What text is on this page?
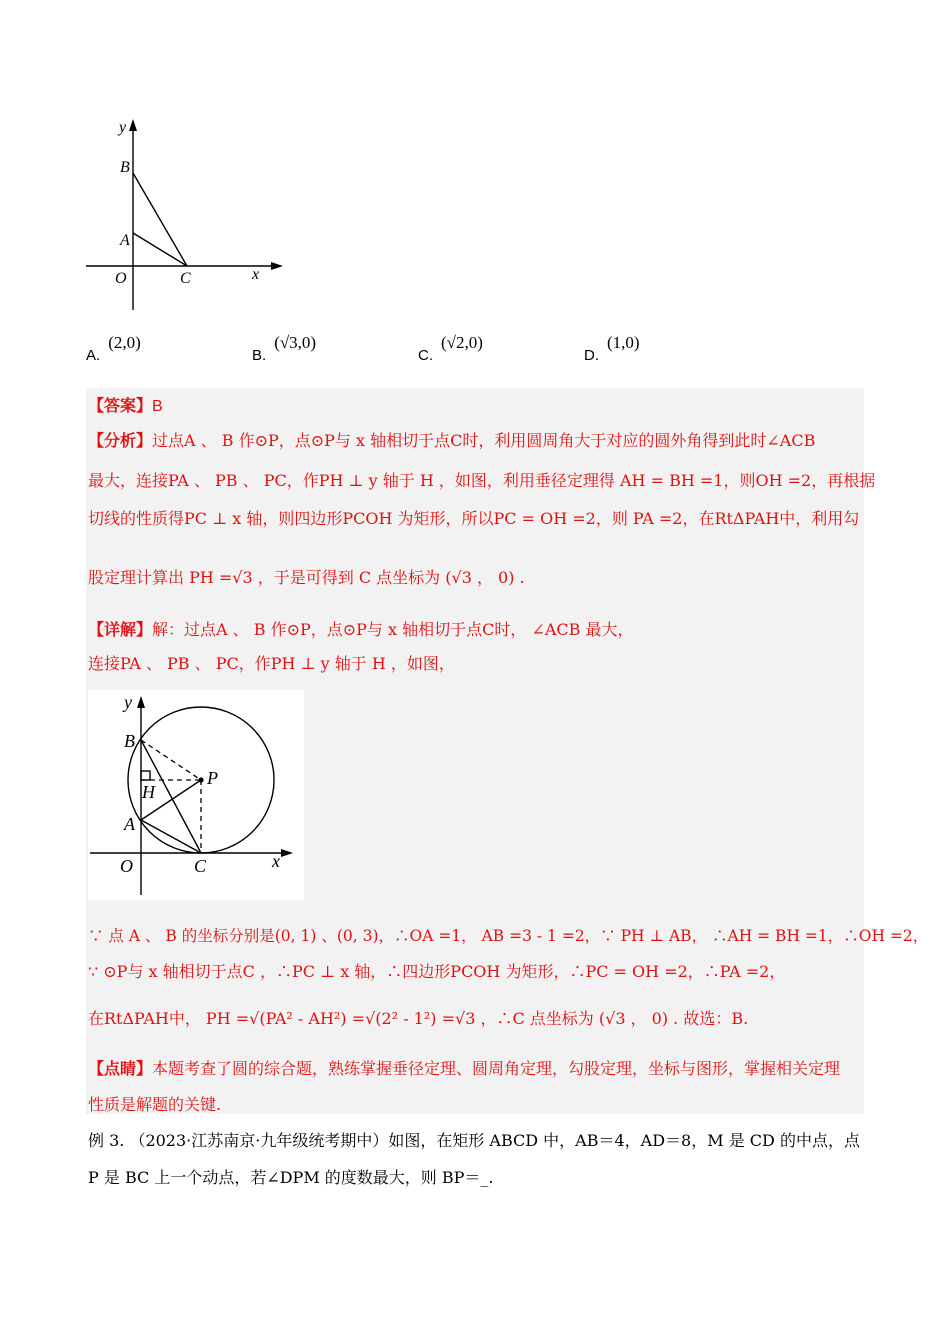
y
B
A
O	C	x
A.(2,0)
B.(√3,0)
C.(√2,0)
D.(1,0)
【答案】B
【分析】过点A 、 B 作⊙P，点⊙P与 x 轴相切于点C时，利用圆周角大于对应的圆外角得到此时∠ACB
最大，连接PA 、 PB 、 PC，作PH ⊥ y 轴于 H ，如图，利用垂径定理得 AH = BH =1，则OH =2，再根据
切线的性质得PC ⊥ x 轴，则四边形PCOH 为矩形，所以PC = OH =2，则 PA =2，在RtΔPAH中，利用勾
股定理计算出 PH =√3 ，于是可得到 C 点坐标为 (√3 ， 0) .
【详解】解：过点A 、 B 作⊙P，点⊙P与 x 轴相切于点C时， ∠ACB 最大，
连接PA 、 PB 、 PC，作PH ⊥ y 轴于 H ，如图，
y
B
H
P
A
O	C	x
∵ 点 A 、 B 的坐标分别是(0, 1) 、(0, 3)，∴OA =1， AB =3 - 1 =2，∵ PH ⊥ AB， ∴AH = BH =1，∴OH =2，
∵ ⊙P与 x 轴相切于点C ，∴PC ⊥ x 轴，∴四边形PCOH 为矩形，∴PC = OH =2，∴PA =2，
在RtΔPAH中， PH =√(PA² - AH²) =√(2² - 1²) =√3 ，∴C 点坐标为 (√3 ， 0) . 故选：B.
【点睛】本题考查了圆的综合题，熟练掌握垂径定理、圆周角定理，勾股定理，坐标与图形，掌握相关定理
性质是解题的关键.
例 3. （2023·江苏南京·九年级统考期中）如图，在矩形 ABCD 中，AB＝4，AD＝8，M 是 CD 的中点，点
P 是 BC 上一个动点，若∠DPM 的度数最大，则 BP＝_.
